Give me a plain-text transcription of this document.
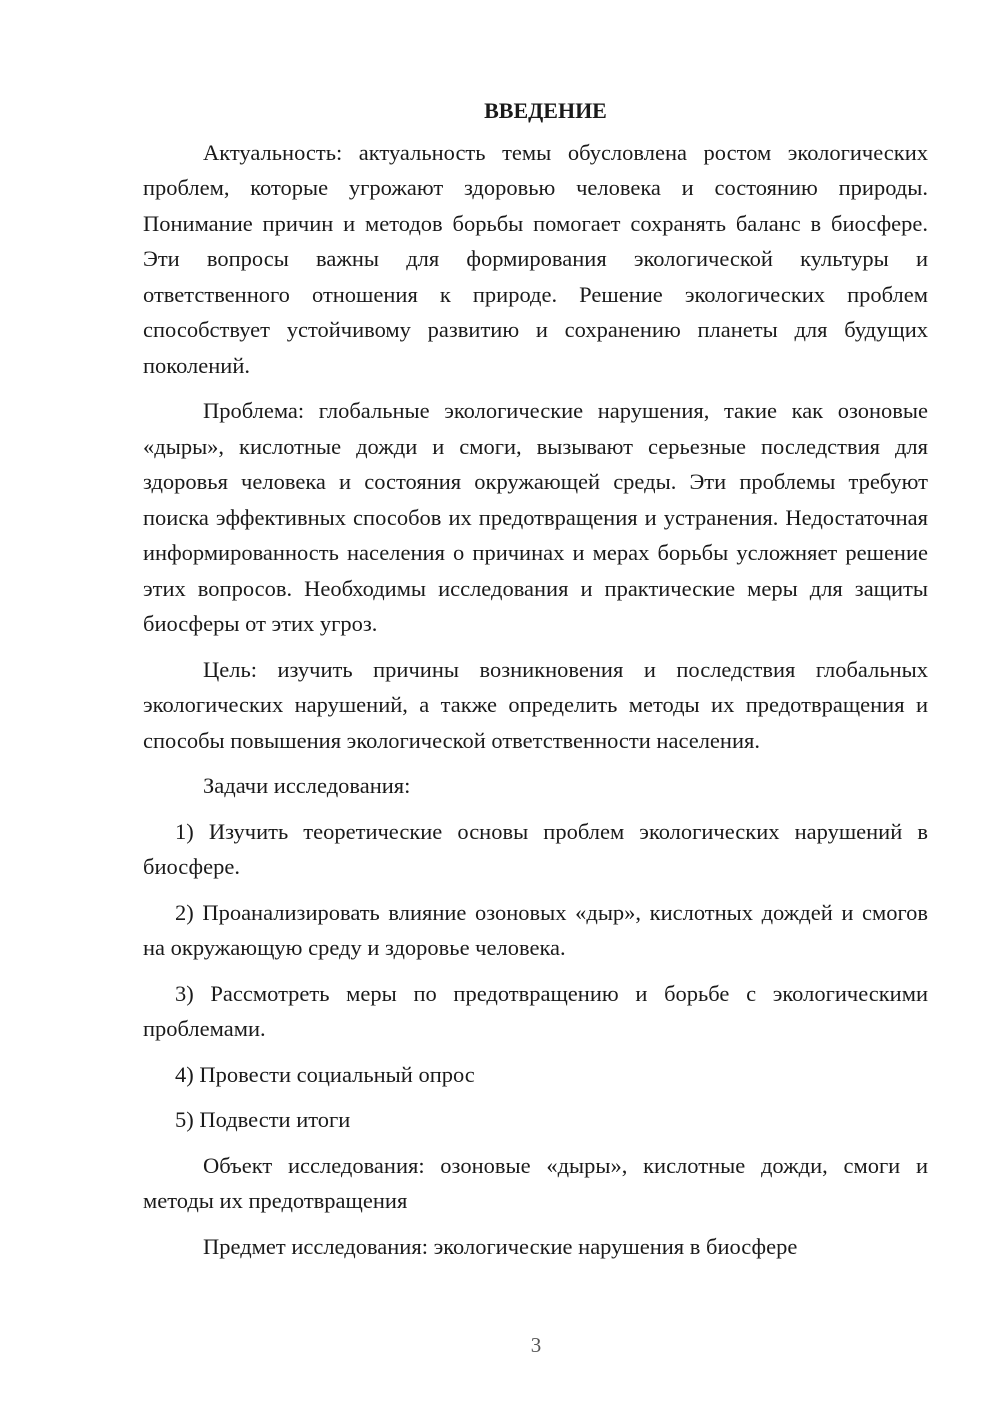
ВВЕДЕНИЕ

Актуальность: актуальность темы обусловлена ростом экологических проблем, которые угрожают здоровью человека и состоянию природы. Понимание причин и методов борьбы помогает сохранять баланс в биосфере. Эти вопросы важны для формирования экологической культуры и ответственного отношения к природе. Решение экологических проблем способствует устойчивому развитию и сохранению планеты для будущих поколений.

Проблема: глобальные экологические нарушения, такие как озоновые «дыры», кислотные дожди и смоги, вызывают серьезные последствия для здоровья человека и состояния окружающей среды. Эти проблемы требуют поиска эффективных способов их предотвращения и устранения. Недостаточная информированность населения о причинах и мерах борьбы усложняет решение этих вопросов. Необходимы исследования и практические меры для защиты биосферы от этих угроз.

Цель: изучить причины возникновения и последствия глобальных экологических нарушений, а также определить методы их предотвращения и способы повышения экологической ответственности населения.

Задачи исследования:

1) Изучить теоретические основы проблем экологических нарушений в биосфере.

2) Проанализировать влияние озоновых «дыр», кислотных дождей и смогов на окружающую среду и здоровье человека.

3) Рассмотреть меры по предотвращению и борьбе с экологическими проблемами.

4) Провести социальный опрос

5) Подвести итоги

Объект исследования: озоновые «дыры», кислотные дожди, смоги и методы их предотвращения

Предмет исследования: экологические нарушения в биосфере

3
